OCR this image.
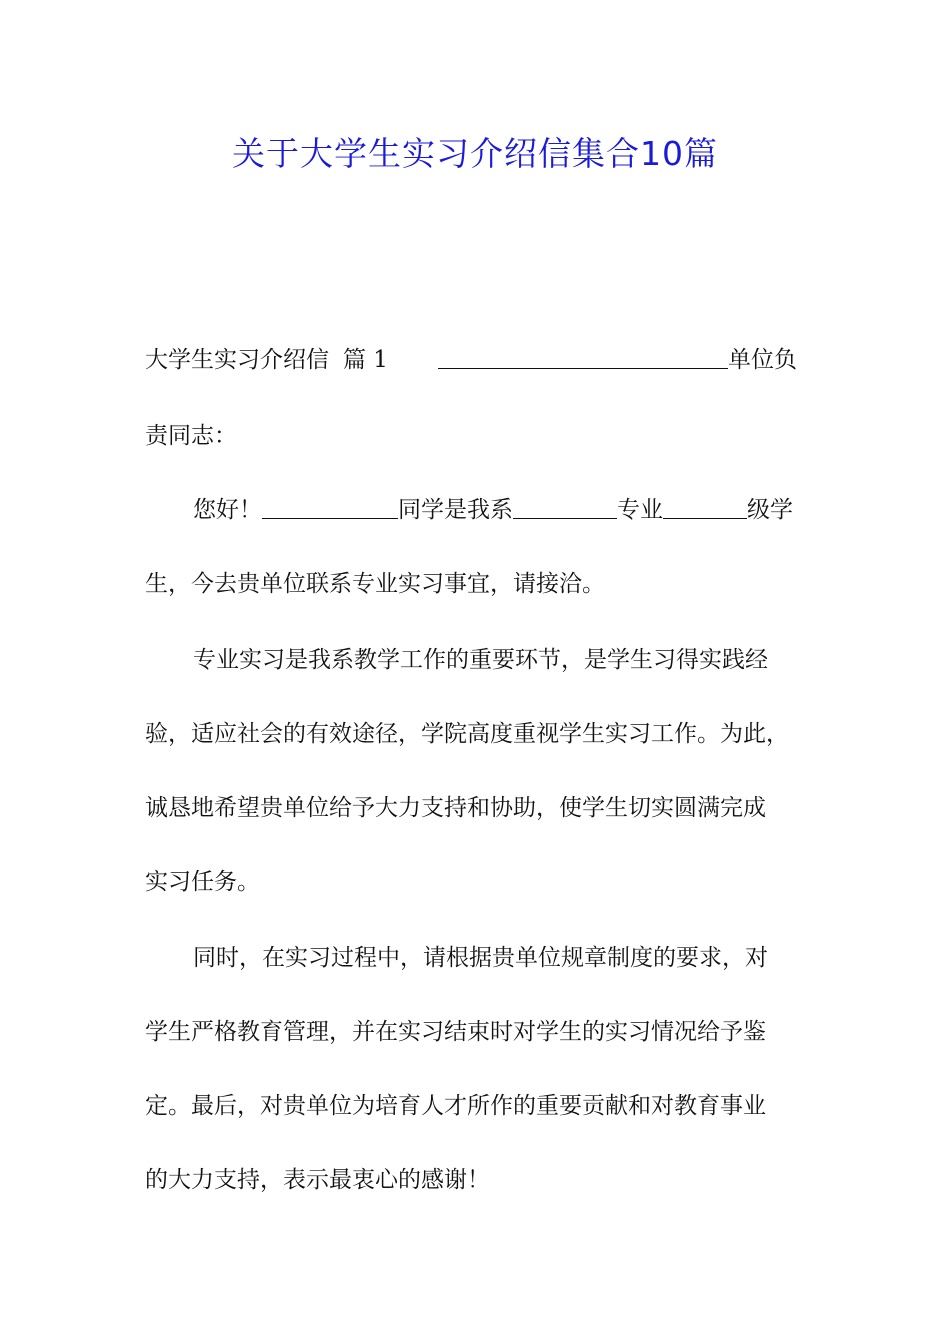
关于大学生实习介绍信集合10篇
大学生实习介绍信 篇 1	单位负
责同志：
您好！	同学是我系	专业	级学
生，今去贵单位联系专业实习事宜，请接洽。
专业实习是我系教学工作的重要环节，是学生习得实践经
验，适应社会的有效途径，学院高度重视学生实习工作。为此，
诚恳地希望贵单位给予大力支持和协助，使学生切实圆满完成
实习任务。
同时，在实习过程中，请根据贵单位规章制度的要求，对
学生严格教育管理，并在实习结束时对学生的实习情况给予鉴
定。最后，对贵单位为培育人才所作的重要贡献和对教育事业
的大力支持，表示最衷心的感谢！
